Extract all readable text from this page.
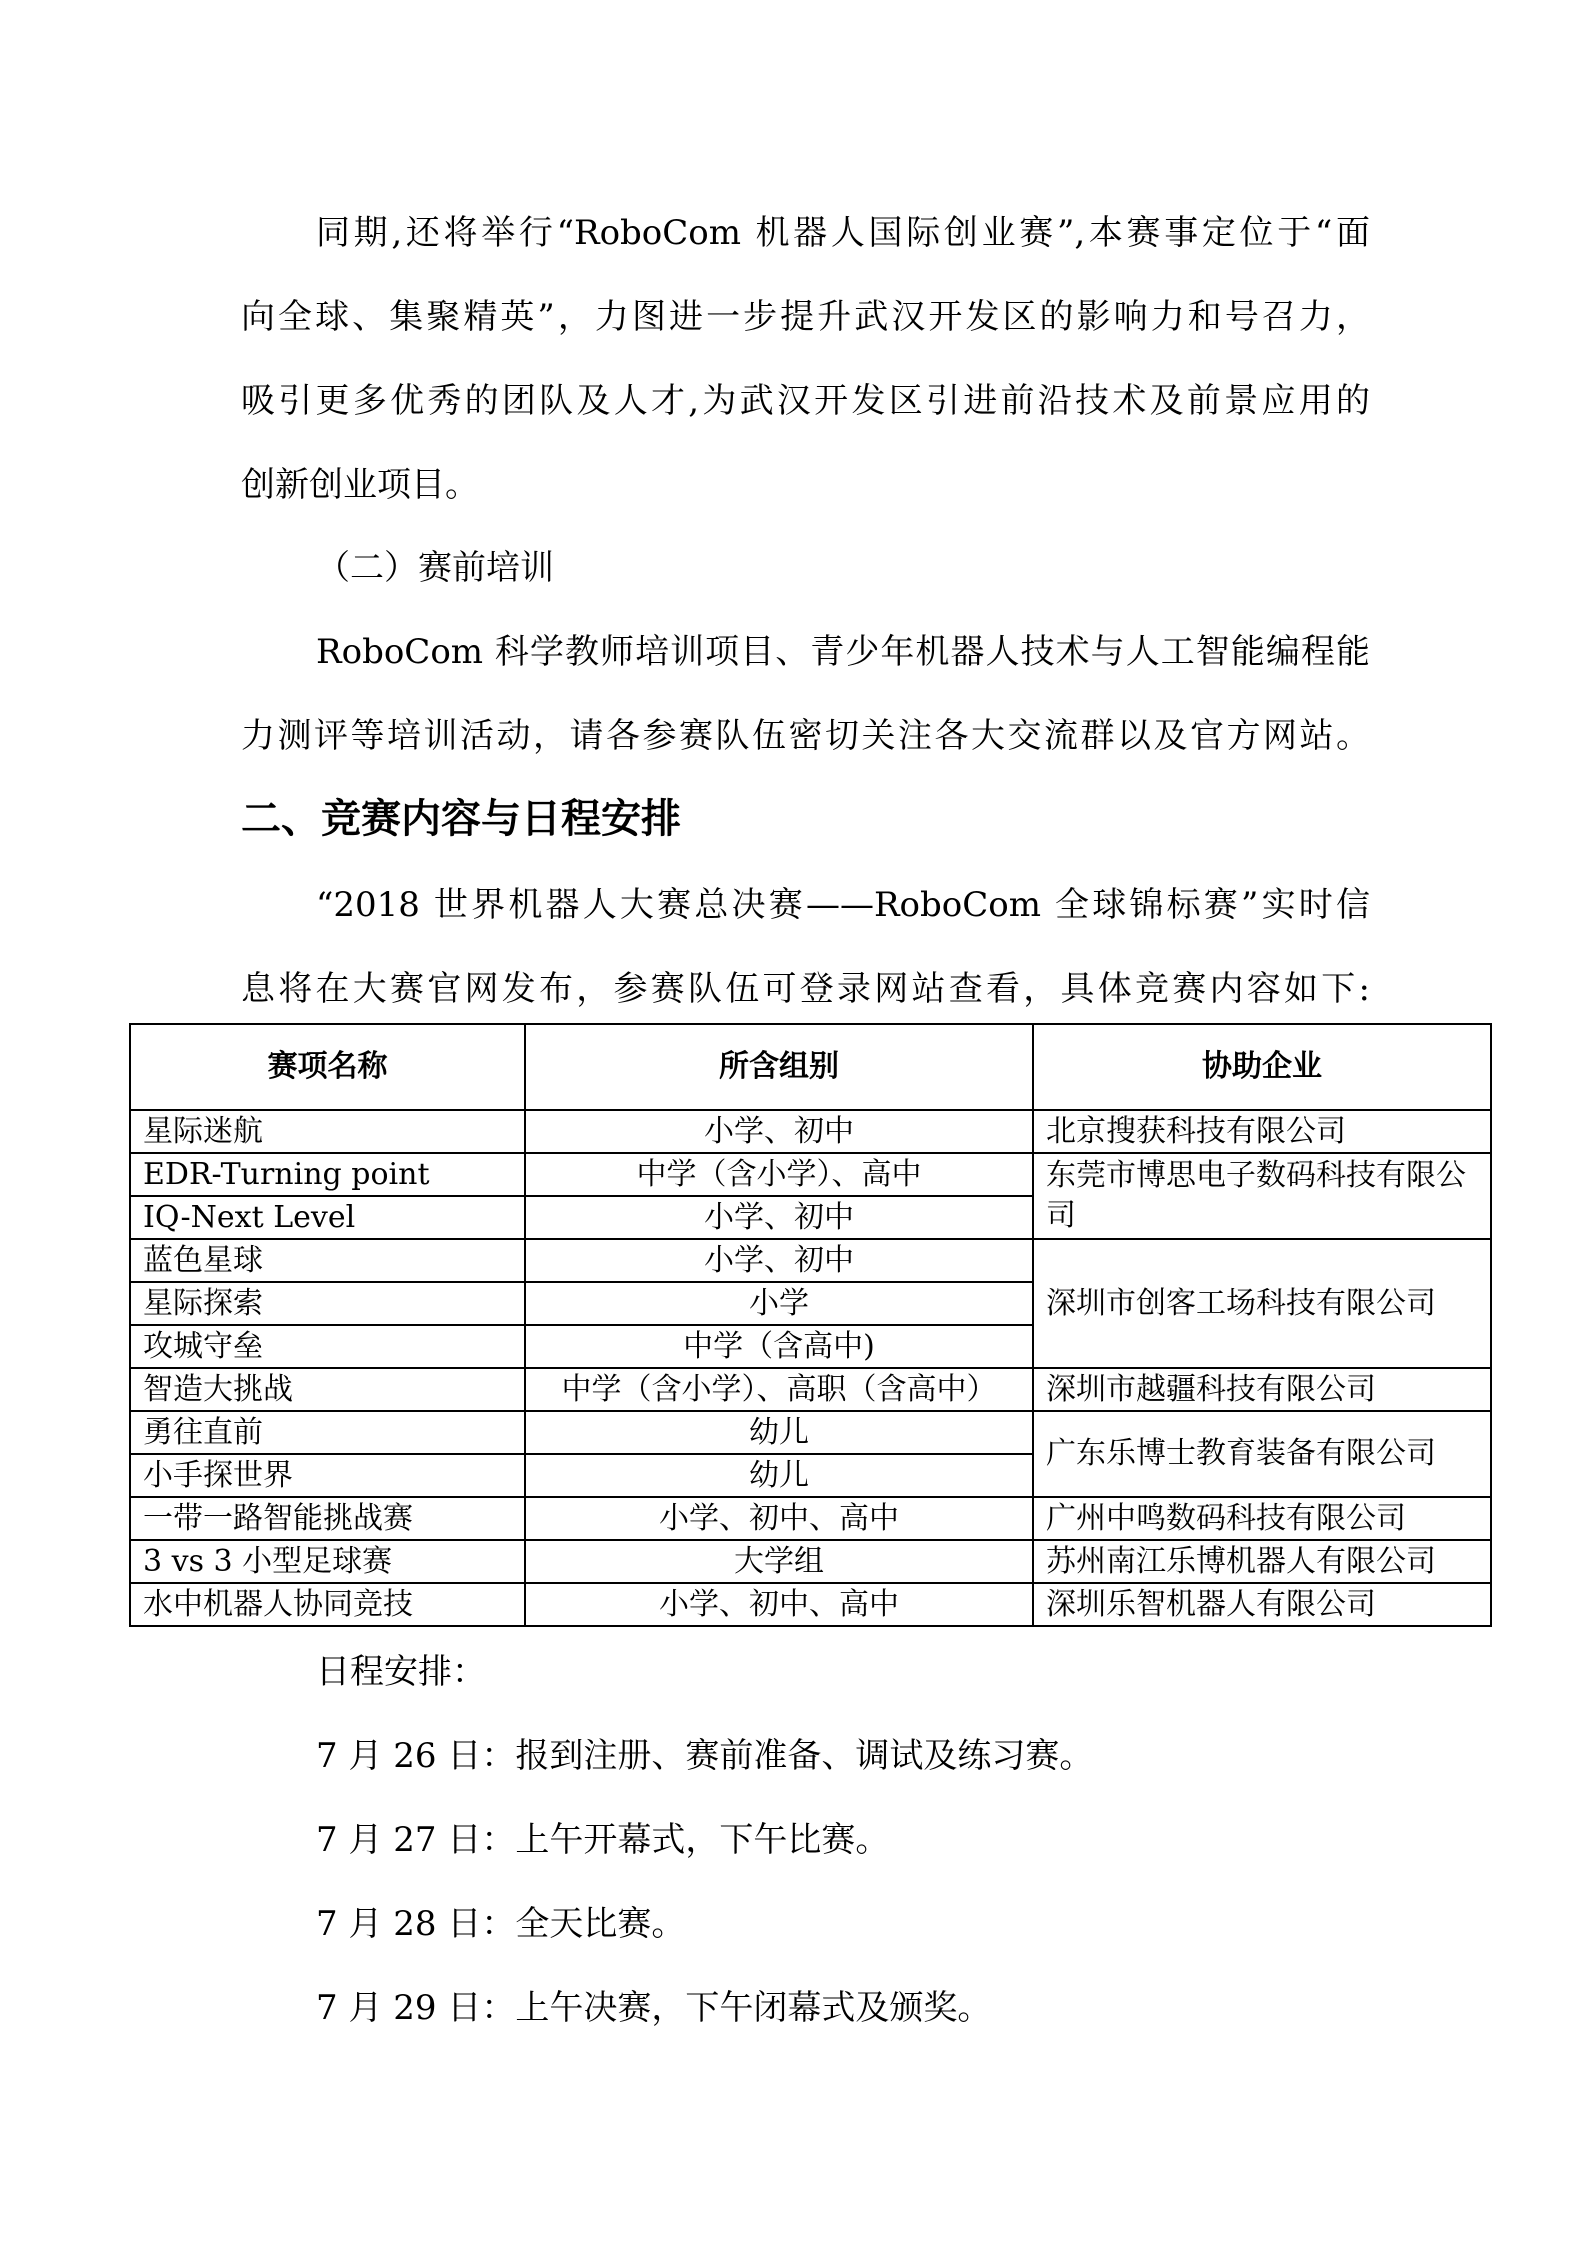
同期,还将举行“RoboCom 机器人国际创业赛”,本赛事定位于“面
向全球、集聚精英”，力图进一步提升武汉开发区的影响力和号召力，
吸引更多优秀的团队及人才,为武汉开发区引进前沿技术及前景应用的
创新创业项目。
（二）赛前培训
RoboCom 科学教师培训项目、青少年机器人技术与人工智能编程能
力测评等培训活动，请各参赛队伍密切关注各大交流群以及官方网站。
二、竞赛内容与日程安排
“2018 世界机器人大赛总决赛——RoboCom 全球锦标赛”实时信
息将在大赛官网发布，参赛队伍可登录网站查看，具体竞赛内容如下:
赛项名称	所含组别	协助企业
星际迷航	小学、初中	北京搜获科技有限公司
EDR-Turning point	中学（含小学）、高中	东莞市博思电子数码科技有限公司
IQ-Next Level	小学、初中	
蓝色星球	小学、初中	深圳市创客工场科技有限公司
星际探索	小学	
攻城守垒	中学（含高中)	
智造大挑战	中学（含小学）、高职（含高中）	深圳市越疆科技有限公司
勇往直前	幼儿	广东乐博士教育装备有限公司
小手探世界	幼儿	
一带一路智能挑战赛	小学、初中、高中	广州中鸣数码科技有限公司
3 vs 3 小型足球赛	大学组	苏州南江乐博机器人有限公司
水中机器人协同竞技	小学、初中、高中	深圳乐智机器人有限公司
日程安排：
7 月 26 日：报到注册、赛前准备、调试及练习赛。
7 月 27 日：上午开幕式，下午比赛。
7 月 28 日：全天比赛。
7 月 29 日：上午决赛，下午闭幕式及颁奖。
